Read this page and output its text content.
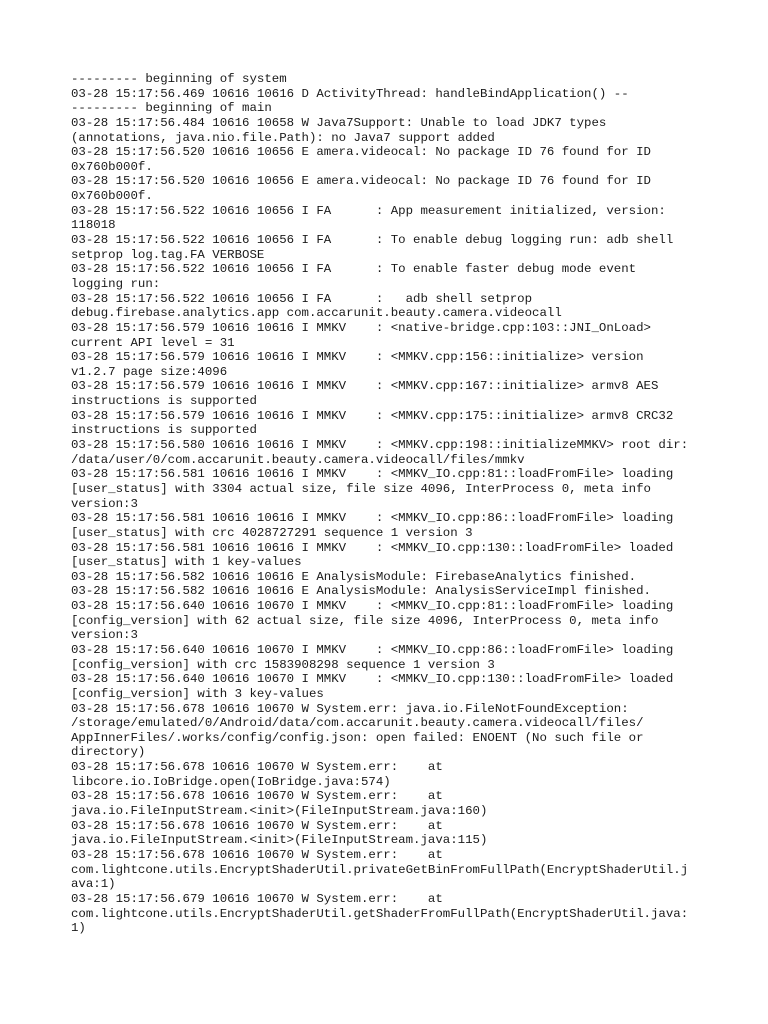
--------- beginning of system
03-28 15:17:56.469 10616 10616 D ActivityThread: handleBindApplication() --
--------- beginning of main
03-28 15:17:56.484 10616 10658 W Java7Support: Unable to load JDK7 types
(annotations, java.nio.file.Path): no Java7 support added
03-28 15:17:56.520 10616 10656 E amera.videocal: No package ID 76 found for ID
0x760b000f.
03-28 15:17:56.520 10616 10656 E amera.videocal: No package ID 76 found for ID
0x760b000f.
03-28 15:17:56.522 10616 10656 I FA      : App measurement initialized, version:
118018
03-28 15:17:56.522 10616 10656 I FA      : To enable debug logging run: adb shell
setprop log.tag.FA VERBOSE
03-28 15:17:56.522 10616 10656 I FA      : To enable faster debug mode event
logging run:
03-28 15:17:56.522 10616 10656 I FA      :   adb shell setprop
debug.firebase.analytics.app com.accarunit.beauty.camera.videocall
03-28 15:17:56.579 10616 10616 I MMKV    : <native-bridge.cpp:103::JNI_OnLoad>
current API level = 31
03-28 15:17:56.579 10616 10616 I MMKV    : <MMKV.cpp:156::initialize> version
v1.2.7 page size:4096
03-28 15:17:56.579 10616 10616 I MMKV    : <MMKV.cpp:167::initialize> armv8 AES
instructions is supported
03-28 15:17:56.579 10616 10616 I MMKV    : <MMKV.cpp:175::initialize> armv8 CRC32
instructions is supported
03-28 15:17:56.580 10616 10616 I MMKV    : <MMKV.cpp:198::initializeMMKV> root dir:
/data/user/0/com.accarunit.beauty.camera.videocall/files/mmkv
03-28 15:17:56.581 10616 10616 I MMKV    : <MMKV_IO.cpp:81::loadFromFile> loading
[user_status] with 3304 actual size, file size 4096, InterProcess 0, meta info
version:3
03-28 15:17:56.581 10616 10616 I MMKV    : <MMKV_IO.cpp:86::loadFromFile> loading
[user_status] with crc 4028727291 sequence 1 version 3
03-28 15:17:56.581 10616 10616 I MMKV    : <MMKV_IO.cpp:130::loadFromFile> loaded
[user_status] with 1 key-values
03-28 15:17:56.582 10616 10616 E AnalysisModule: FirebaseAnalytics finished.
03-28 15:17:56.582 10616 10616 E AnalysisModule: AnalysisServiceImpl finished.
03-28 15:17:56.640 10616 10670 I MMKV    : <MMKV_IO.cpp:81::loadFromFile> loading
[config_version] with 62 actual size, file size 4096, InterProcess 0, meta info
version:3
03-28 15:17:56.640 10616 10670 I MMKV    : <MMKV_IO.cpp:86::loadFromFile> loading
[config_version] with crc 1583908298 sequence 1 version 3
03-28 15:17:56.640 10616 10670 I MMKV    : <MMKV_IO.cpp:130::loadFromFile> loaded
[config_version] with 3 key-values
03-28 15:17:56.678 10616 10670 W System.err: java.io.FileNotFoundException:
/storage/emulated/0/Android/data/com.accarunit.beauty.camera.videocall/files/
AppInnerFiles/.works/config/config.json: open failed: ENOENT (No such file or
directory)
03-28 15:17:56.678 10616 10670 W System.err:    at
libcore.io.IoBridge.open(IoBridge.java:574)
03-28 15:17:56.678 10616 10670 W System.err:    at
java.io.FileInputStream.<init>(FileInputStream.java:160)
03-28 15:17:56.678 10616 10670 W System.err:    at
java.io.FileInputStream.<init>(FileInputStream.java:115)
03-28 15:17:56.678 10616 10670 W System.err:    at
com.lightcone.utils.EncryptShaderUtil.privateGetBinFromFullPath(EncryptShaderUtil.j
ava:1)
03-28 15:17:56.679 10616 10670 W System.err:    at
com.lightcone.utils.EncryptShaderUtil.getShaderFromFullPath(EncryptShaderUtil.java:
1)
